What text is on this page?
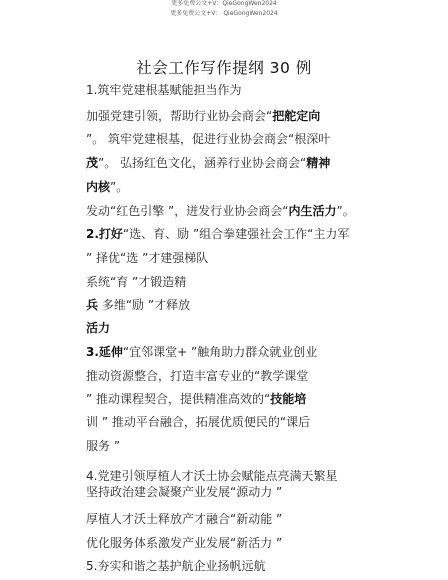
更多免费公文+V：QieGongWen2024
更多免费公文+V： QieGongWen2024
社会工作写作提纲 30 例
1.筑牢党建根基赋能担当作为
加强党建引领，帮助行业协会商会“把舵定向
”。 筑牢党建根基，促进行业协会商会“根深叶
茂”。 弘扬红色文化，涵养行业协会商会“精神
内核”。
发动“红色引擎 ”，迸发行业协会商会“内生活力”。
2.打好“选、育、励 ”组合拳建强社会工作“主力军
” 择优“选 ”才建强梯队
系统“育 ”才锻造精
兵 多维“励 ”才释放
活力
3.延伸“宜邻课堂+ ”触角助力群众就业创业
推动资源整合，打造丰富专业的“教学课堂
” 推动课程契合，提供精准高效的“技能培
训 ” 推动平台融合，拓展优质便民的“课后
服务 ”
4.党建引领厚植人才沃土协会赋能点亮满天繁星
坚持政治建会凝聚产业发展“源动力 ”
厚植人才沃土释放产才融合“新动能 ”
优化服务体系激发产业发展“新活力 ”
5.夯实和谐之基护航企业扬帆远航
